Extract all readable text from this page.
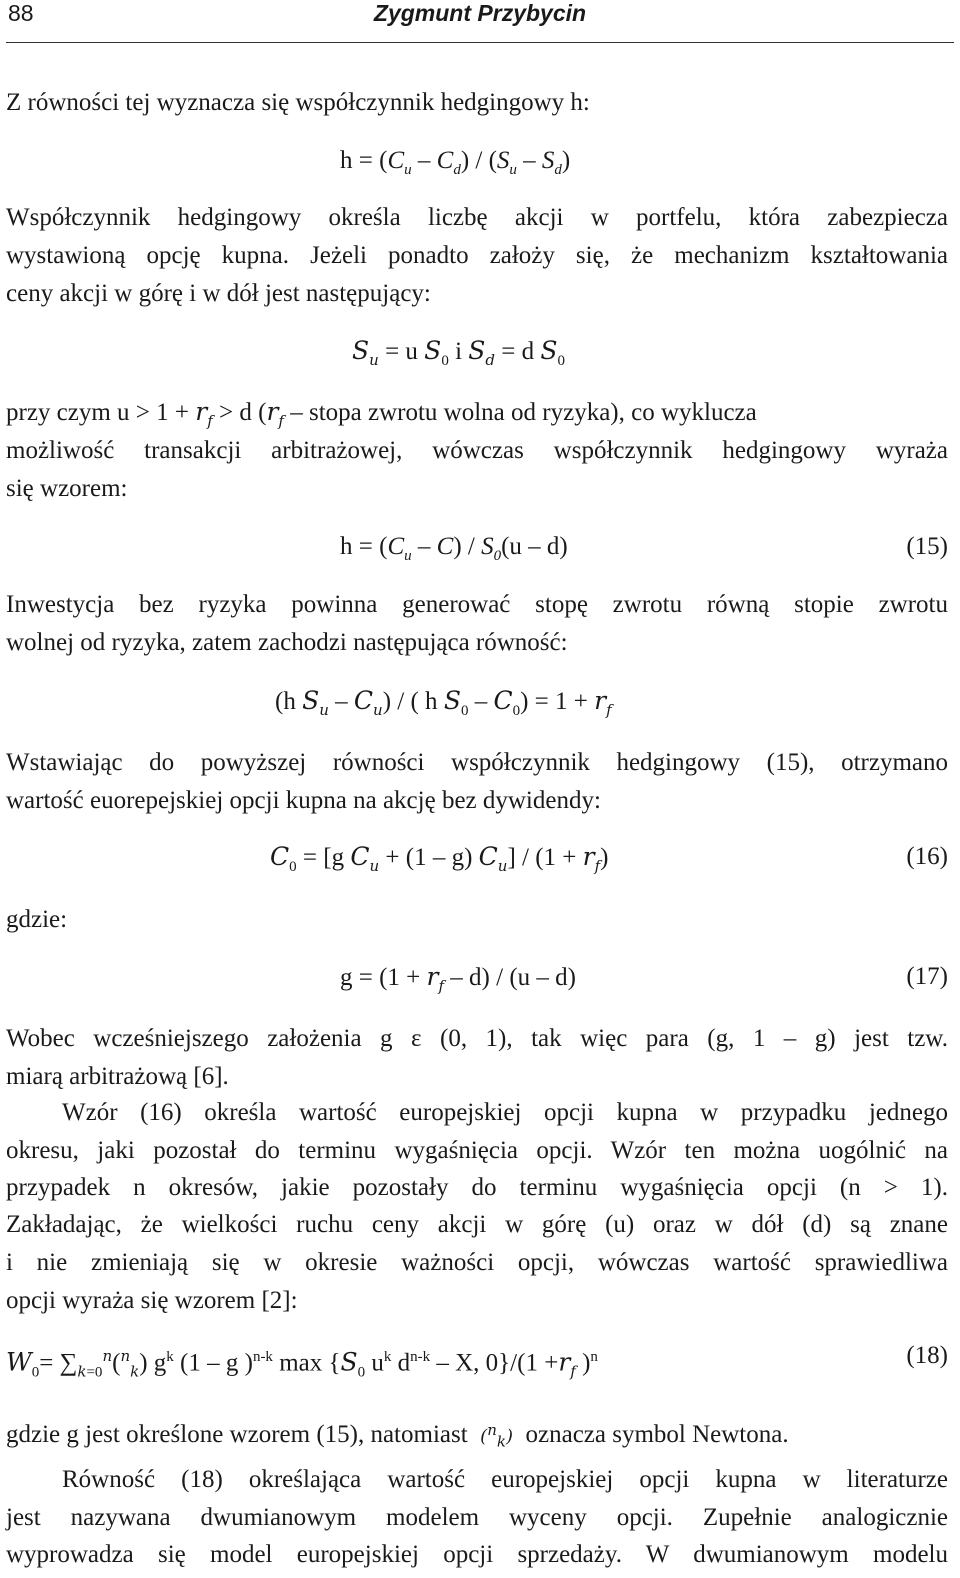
88	Zygmunt Przybycin
Z równości tej wyznacza się współczynnik hedgingowy h:
$h = (C_u - C_d) / (S_u - S_d)$
Współczynnik hedgingowy określa liczbę akcji w portfelu, która zabezpiecza
wystawioną opcję kupna. Jeżeli ponadto założy się, że mechanizm kształtowania
ceny akcji w górę i w dół jest następujący:
$S_u = u$ $S_0$ i $S_d = d$ $S_0$
przy czym $u > 1 + r_f > d$ ($r_f$ – stopa zwrotu wolna od ryzyka), co wyklucza
możliwość transakcji arbitrażowej, wówczas współczynnik hedgingowy wyraża
się wzorem:
$h = (C_u - C) / S_0(u - d)$	(15)
Inwestycja bez ryzyka powinna generować stopę zwrotu równą stopie zwrotu
wolnej od ryzyka, zatem zachodzi następująca równość:
(h $S_u - C_u$) / ( h $S_0 - C_0) = 1 + r_f$
Wstawiając do powyższej równości współczynnik hedgingowy (15), otrzymano
wartość euorepejskiej opcji kupna na akcję bez dywidendy:
$C_0 = [g$ $C_u + (1 - g)$ $C_u] / (1 + r_f)$	(16)
gdzie:
$g = (1 + r_f - d) / (u - d)$	(17)
Wobec wcześniejszego założenia g ε (0, 1), tak więc para (g, 1 – g) jest tzw.
miarą arbitrażową [6].
Wzór (16) określa wartość europejskiej opcji kupna w przypadku jednego
okresu, jaki pozostał do terminu wygaśnięcia opcji. Wzór ten można uogólnić na
przypadek n okresów, jakie pozostały do terminu wygaśnięcia opcji (n > 1).
Zakładając, że wielkości ruchu ceny akcji w górę (u) oraz w dół (d) są znane
i nie zmieniają się w okresie ważności opcji, wówczas wartość sprawiedliwa
opcji wyraża się wzorem [2]:
$W_0= \sum_{k=0}^n(^n_k)$ $g^k$ (1 – g )$^{n-k}$ $\max \{S_0$ $u^k$ $d^{n-k}$ – X, $0\}/(1 +r_f$ )$^n$	(18)
gdzie g jest określone wzorem (15), natomiast ($^n_k$) oznacza symbol Newtona.
Równość (18) określająca wartość europejskiej opcji kupna w literaturze
jest nazywana dwumianowym modelem wyceny opcji. Zupełnie analogicznie
wyprowadza się model europejskiej opcji sprzedaży. W dwumianowym modelu
